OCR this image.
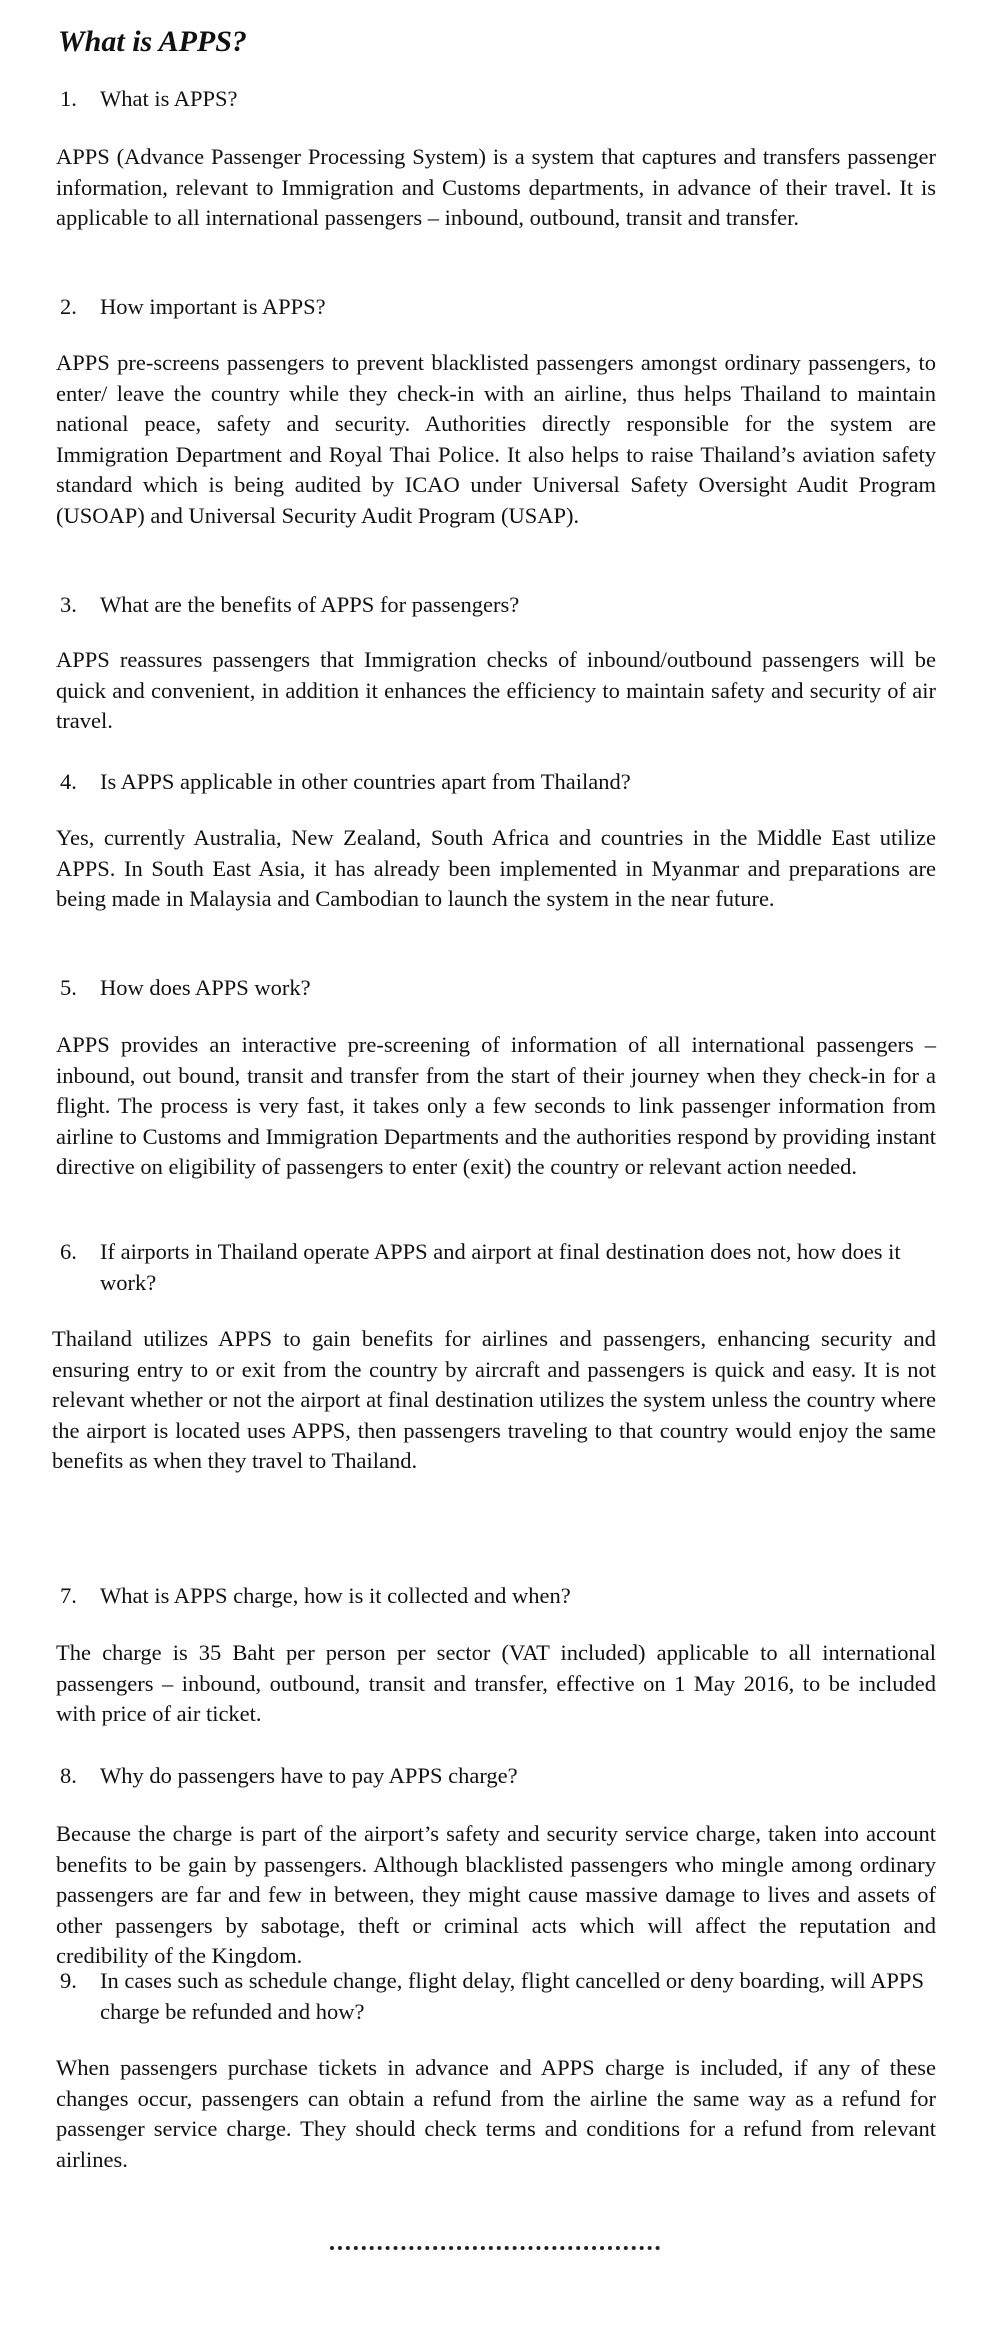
What is APPS?
1.	What is APPS?
APPS (Advance Passenger Processing System) is a system that captures and transfers passenger information, relevant to Immigration and Customs departments, in advance of their travel. It is applicable to all international passengers – inbound, outbound, transit and transfer.
2.	How important is APPS?
APPS pre-screens passengers to prevent blacklisted passengers amongst ordinary passengers, to enter/ leave the country while they check-in with an airline, thus helps Thailand to maintain national peace, safety and security. Authorities directly responsible for the system are Immigration Department and Royal Thai Police. It also helps to raise Thailand’s aviation safety standard which is being audited by ICAO under Universal Safety Oversight Audit Program (USOAP) and Universal Security Audit Program (USAP).
3.	What are the benefits of APPS for passengers?
APPS reassures passengers that Immigration checks of inbound/outbound passengers will be quick and convenient, in addition it enhances the efficiency to maintain safety and security of air travel.
4.	Is APPS applicable in other countries apart from Thailand?
Yes, currently Australia, New Zealand, South Africa and countries in the Middle East utilize APPS. In South East Asia, it has already been implemented in Myanmar and preparations are being made in Malaysia and Cambodian to launch the system in the near future.
5.	How does APPS work?
APPS provides an interactive pre-screening of information of all international passengers – inbound, out bound, transit and transfer from the start of their journey when they check-in for a flight. The process is very fast, it takes only a few seconds to link passenger information from airline to Customs and Immigration Departments and the authorities respond by providing instant directive on eligibility of passengers to enter (exit) the country or relevant action needed.
6.	If airports in Thailand operate APPS and airport at final destination does not, how does it work?
Thailand utilizes APPS to gain benefits for airlines and passengers, enhancing security and ensuring entry to or exit from the country by aircraft and passengers is quick and easy. It is not relevant whether or not the airport at final destination utilizes the system unless the country where the airport is located uses APPS, then passengers traveling to that country would enjoy the same benefits as when they travel to Thailand.
7.	What is APPS charge, how is it collected and when?
The charge is 35 Baht per person per sector (VAT included) applicable to all international passengers – inbound, outbound, transit and transfer, effective on 1 May 2016, to be included with price of air ticket.
8.	Why do passengers have to pay APPS charge?
Because the charge is part of the airport’s safety and security service charge, taken into account benefits to be gain by passengers. Although blacklisted passengers who mingle among ordinary passengers are far and few in between, they might cause massive damage to lives and assets of other passengers by sabotage, theft or criminal acts which will affect the reputation and credibility of the Kingdom.
9.	In cases such as schedule change, flight delay, flight cancelled or deny boarding, will APPS charge be refunded and how?
When passengers purchase tickets in advance and APPS charge is included, if any of these changes occur, passengers can obtain a refund from the airline the same way as a refund for passenger service charge. They should check terms and conditions for a refund from relevant airlines.
